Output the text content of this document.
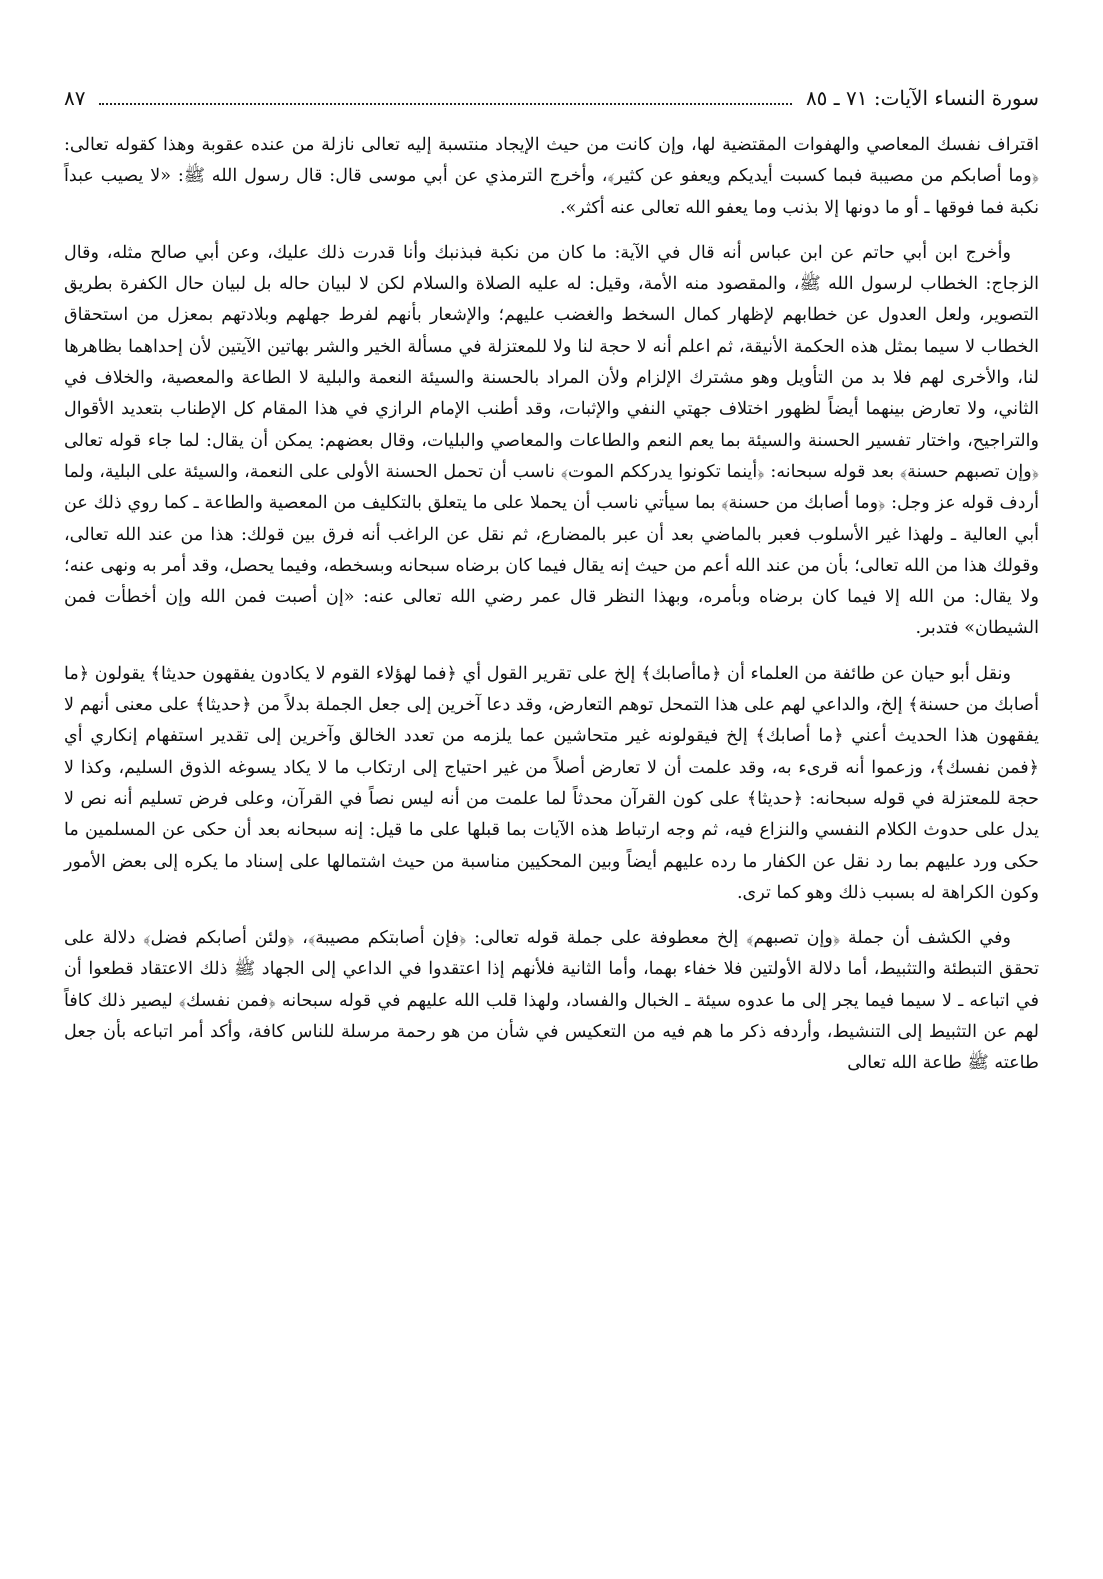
سورة النساء الآيات: ٧١ ـ ٨٥
٨٧

اقتراف نفسك المعاصي والهفوات المقتضية لها، وإن كانت من حيث الإيجاد منتسبة إليه تعالى نازلة من عنده عقوبة وهذا كقوله تعالى: ﴿وما أصابكم من مصيبة فبما كسبت أيديكم ويعفو عن كثير﴾، وأخرج الترمذي عن أبي موسى قال: قال رسول الله ﷺ: «لا يصيب عبداً نكبة فما فوقها ـ أو ما دونها إلا بذنب وما يعفو الله تعالى عنه أكثر».

وأخرج ابن أبي حاتم عن ابن عباس أنه قال في الآية: ما كان من نكبة فبذنبك وأنا قدرت ذلك عليك، وعن أبي صالح مثله، وقال الزجاج: الخطاب لرسول الله ﷺ، والمقصود منه الأمة، وقيل: له عليه الصلاة والسلام لكن لا لبيان حاله بل لبيان حال الكفرة بطريق التصوير، ولعل العدول عن خطابهم لإظهار كمال السخط والغضب عليهم؛ والإشعار بأنهم لفرط جهلهم وبلادتهم بمعزل من استحقاق الخطاب لا سيما بمثل هذه الحكمة الأنيقة، ثم اعلم أنه لا حجة لنا ولا للمعتزلة في مسألة الخير والشر بهاتين الآيتين لأن إحداهما بظاهرها لنا، والأخرى لهم فلا بد من التأويل وهو مشترك الإلزام ولأن المراد بالحسنة والسيئة النعمة والبلية لا الطاعة والمعصية، والخلاف في الثاني، ولا تعارض بينهما أيضاً لظهور اختلاف جهتي النفي والإثبات، وقد أطنب الإمام الرازي في هذا المقام كل الإطناب بتعديد الأقوال والتراجيح، واختار تفسير الحسنة والسيئة بما يعم النعم والطاعات والمعاصي والبليات، وقال بعضهم: يمكن أن يقال: لما جاء قوله تعالى ﴿وإن تصبهم حسنة﴾ بعد قوله سبحانه: ﴿أينما تكونوا يدرككم الموت﴾ ناسب أن تحمل الحسنة الأولى على النعمة، والسيئة على البلية، ولما أردف قوله عز وجل: ﴿وما أصابك من حسنة﴾ بما سيأتي ناسب أن يحملا على ما يتعلق بالتكليف من المعصية والطاعة ـ كما روي ذلك عن أبي العالية ـ ولهذا غير الأسلوب فعبر بالماضي بعد أن عبر بالمضارع، ثم نقل عن الراغب أنه فرق بين قولك: هذا من عند الله تعالى، وقولك هذا من الله تعالى؛ بأن من عند الله أعم من حيث إنه يقال فيما كان برضاه سبحانه وبسخطه، وفيما يحصل، وقد أمر به ونهى عنه؛ ولا يقال: من الله إلا فيما كان برضاه وبأمره، وبهذا النظر قال عمر رضي الله تعالى عنه: «إن أصبت فمن الله وإن أخطأت فمن الشيطان» فتدبر.

ونقل أبو حيان عن طائفة من العلماء أن ﴿ماأصابك﴾ إلخ على تقرير القول أي ﴿فما لهؤلاء القوم لا يكادون يفقهون حديثا﴾ يقولون ﴿ما أصابك من حسنة﴾ إلخ، والداعي لهم على هذا التمحل توهم التعارض، وقد دعا آخرين إلى جعل الجملة بدلاً من ﴿حديثا﴾ على معنى أنهم لا يفقهون هذا الحديث أعني ﴿ما أصابك﴾ إلخ فيقولونه غير متحاشين عما يلزمه من تعدد الخالق وآخرين إلى تقدير استفهام إنكاري أي ﴿فمن نفسك﴾، وزعموا أنه قرىء به، وقد علمت أن لا تعارض أصلاً من غير احتياج إلى ارتكاب ما لا يكاد يسوغه الذوق السليم، وكذا لا حجة للمعتزلة في قوله سبحانه: ﴿حديثا﴾ على كون القرآن محدثاً لما علمت من أنه ليس نصاً في القرآن، وعلى فرض تسليم أنه نص لا يدل على حدوث الكلام النفسي والنزاع فيه، ثم وجه ارتباط هذه الآيات بما قبلها على ما قيل: إنه سبحانه بعد أن حكى عن المسلمين ما حكى ورد عليهم بما رد نقل عن الكفار ما رده عليهم أيضاً وبين المحكيين مناسبة من حيث اشتمالها على إسناد ما يكره إلى بعض الأمور وكون الكراهة له بسبب ذلك وهو كما ترى.

وفي الكشف أن جملة ﴿وإن تصبهم﴾ إلخ معطوفة على جملة قوله تعالى: ﴿فإن أصابتكم مصيبة﴾، ﴿ولئن أصابكم فضل﴾ دلالة على تحقق التبطئة والتثبيط، أما دلالة الأولتين فلا خفاء بهما، وأما الثانية فلأنهم إذا اعتقدوا في الداعي إلى الجهاد ﷺ ذلك الاعتقاد قطعوا أن في اتباعه ـ لا سيما فيما يجر إلى ما عدوه سيئة ـ الخبال والفساد، ولهذا قلب الله عليهم في قوله سبحانه ﴿فمن نفسك﴾ ليصير ذلك كافاً لهم عن التثبيط إلى التنشيط، وأردفه ذكر ما هم فيه من التعكيس في شأن من هو رحمة مرسلة للناس كافة، وأكد أمر اتباعه بأن جعل طاعته ﷺ طاعة الله تعالى
